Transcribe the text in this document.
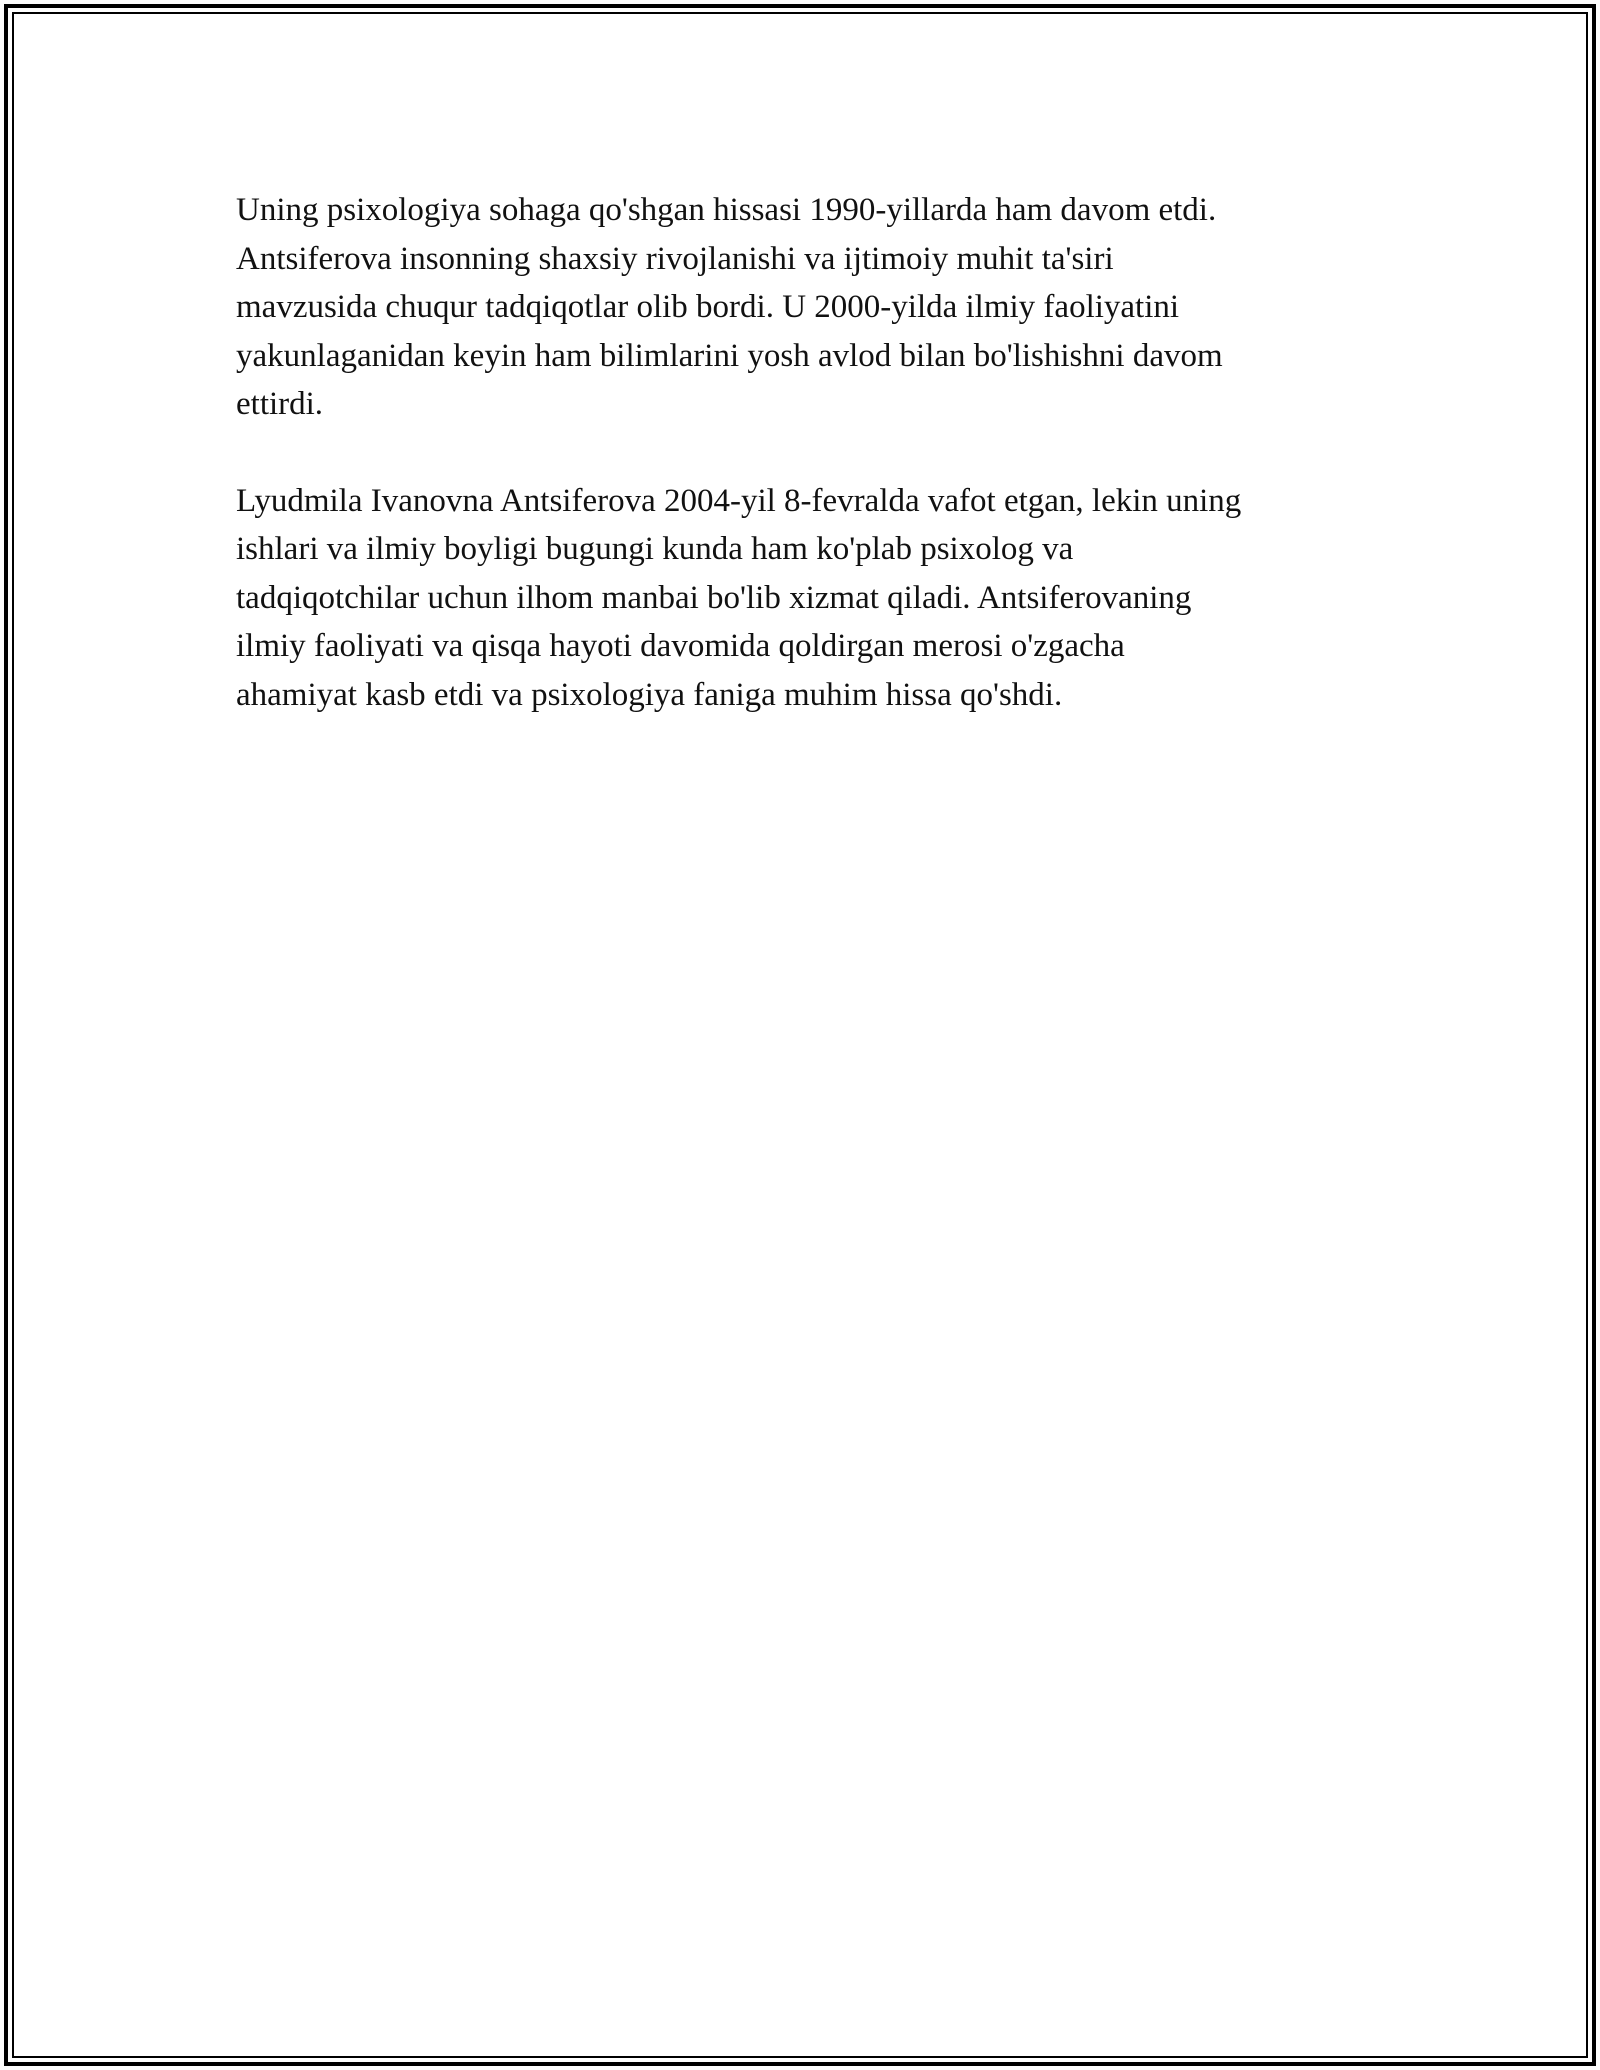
Uning psixologiya sohaga qo'shgan hissasi 1990-yillarda ham davom etdi.
Antsiferova insonning shaxsiy rivojlanishi va ijtimoiy muhit ta'siri
mavzusida chuqur tadqiqotlar olib bordi. U 2000-yilda ilmiy faoliyatini
yakunlaganidan keyin ham bilimlarini yosh avlod bilan bo'lishishni davom
ettirdi.

Lyudmila Ivanovna Antsiferova 2004-yil 8-fevralda vafot etgan, lekin uning
ishlari va ilmiy boyligi bugungi kunda ham ko'plab psixolog va
tadqiqotchilar uchun ilhom manbai bo'lib xizmat qiladi. Antsiferovaning
ilmiy faoliyati va qisqa hayoti davomida qoldirgan merosi o'zgacha
ahamiyat kasb etdi va psixologiya faniga muhim hissa qo'shdi.
